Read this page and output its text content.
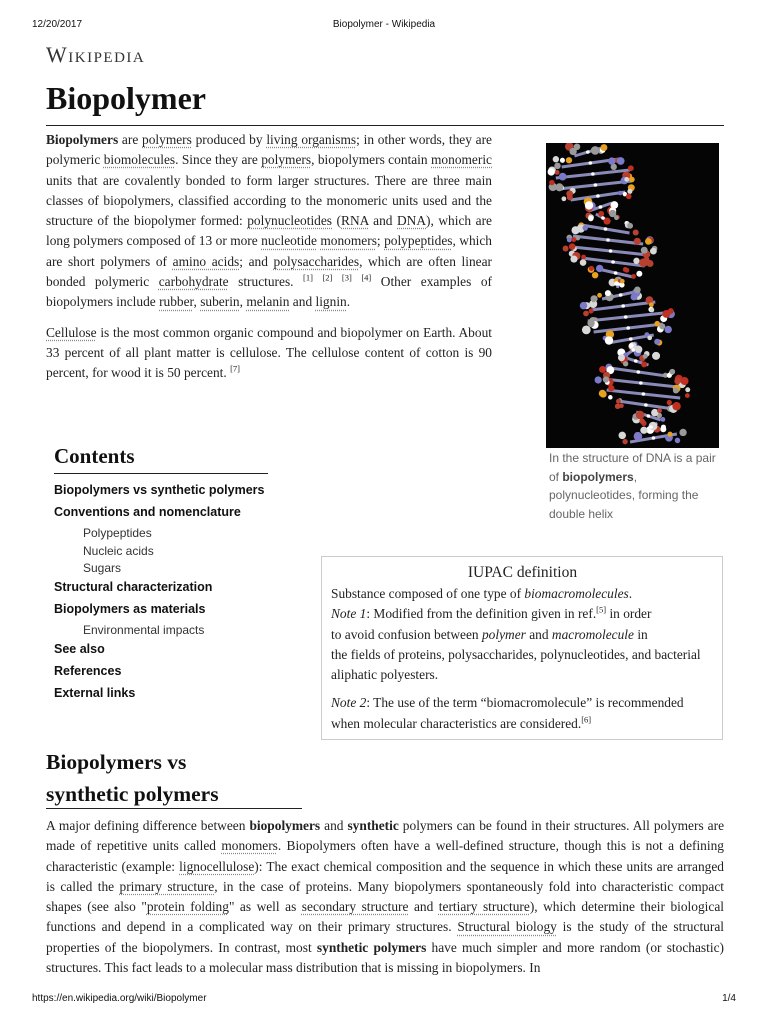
12/20/2017	Biopolymer - Wikipedia
Wikipedia
Biopolymer

Biopolymers are polymers produced by living organisms; in other words, they are polymeric biomolecules. Since they are polymers, biopolymers contain monomeric units that are covalently bonded to form larger structures. There are three main classes of biopolymers, classified according to the monomeric units used and the structure of the biopolymer formed: polynucleotides (RNA and DNA), which are long polymers composed of 13 or more nucleotide monomers; polypeptides, which are short polymers of amino acids; and polysaccharides, which are often linear bonded polymeric carbohydrate structures. [1] [2] [3] [4] Other examples of biopolymers include rubber, suberin, melanin and lignin.

Cellulose is the most common organic compound and biopolymer on Earth. About 33 percent of all plant matter is cellulose. The cellulose content of cotton is 90 percent, for wood it is 50 percent. [7]

In the structure of DNA is a pair of biopolymers, polynucleotides, forming the double helix
Contents
Biopolymers vs synthetic polymers
Conventions and nomenclature
Polypeptides
Nucleic acids
Sugars
Structural characterization
Biopolymers as materials
Environmental impacts
See also
References
External links
IUPAC definition

Substance composed of one type of biomacromolecules.
Note 1: Modified from the definition given in ref.[5] in order
to avoid confusion between polymer and macromolecule in
the fields of proteins, polysaccharides, polynucleotides, and bacterial
aliphatic polyesters.

Note 2: The use of the term “biomacromolecule” is recommended
when molecular characteristics are considered.[6]

Biopolymers vs
synthetic polymers

A major defining difference between biopolymers and synthetic polymers can be found in their structures. All polymers are made of repetitive units called monomers. Biopolymers often have a well-defined structure, though this is not a defining characteristic (example: lignocellulose): The exact chemical composition and the sequence in which these units are arranged is called the primary structure, in the case of proteins. Many biopolymers spontaneously fold into characteristic compact shapes (see also "protein folding" as well as secondary structure and tertiary structure), which determine their biological functions and depend in a complicated way on their primary structures. Structural biology is the study of the structural properties of the biopolymers. In contrast, most synthetic polymers have much simpler and more random (or stochastic) structures. This fact leads to a molecular mass distribution that is missing in biopolymers. In

https://en.wikipedia.org/wiki/Biopolymer	1/4
